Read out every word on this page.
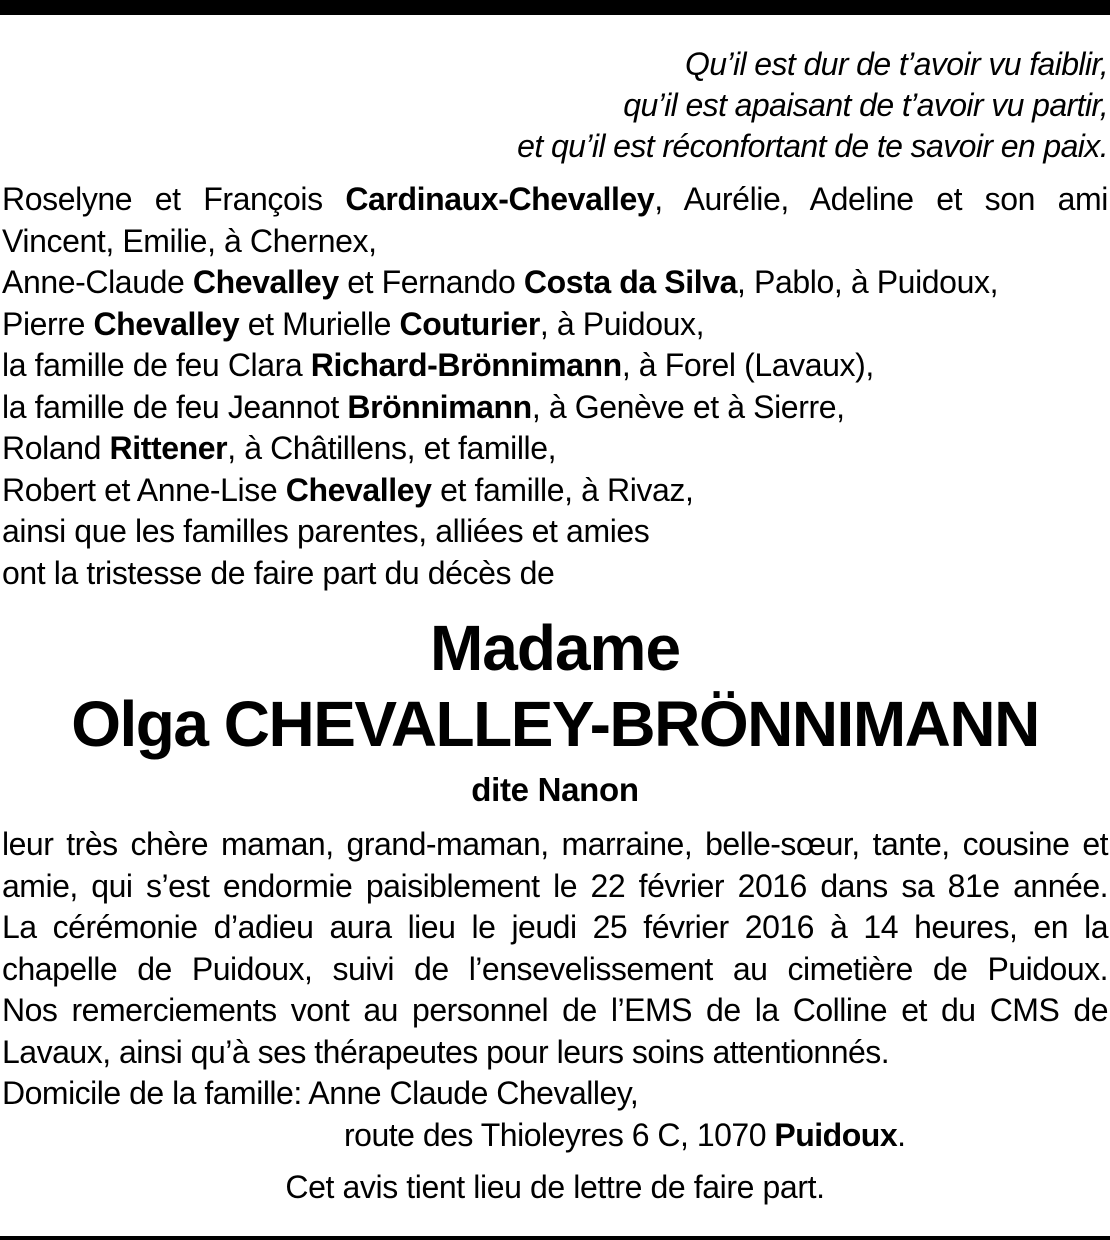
Qu’il est dur de t’avoir vu faiblir,
qu’il est apaisant de t’avoir vu partir,
et qu’il est réconfortant de te savoir en paix.
Roselyne et François Cardinaux-Chevalley, Aurélie, Adeline et son ami
Vincent, Emilie, à Chernex,
Anne-Claude Chevalley et Fernando Costa da Silva, Pablo, à Puidoux,
Pierre Chevalley et Murielle Couturier, à Puidoux,
la famille de feu Clara Richard-Brönnimann, à Forel (Lavaux),
la famille de feu Jeannot Brönnimann, à Genève et à Sierre,
Roland Rittener, à Châtillens, et famille,
Robert et Anne-Lise Chevalley et famille, à Rivaz,
ainsi que les familles parentes, alliées et amies
ont la tristesse de faire part du décès de
Madame
Olga CHEVALLEY-BRÖNNIMANN
dite Nanon
leur très chère maman, grand-maman, marraine, belle-sœur, tante, cousine et
amie, qui s’est endormie paisiblement le 22 février 2016 dans sa 81e année.
La cérémonie d’adieu aura lieu le jeudi 25 février 2016 à 14 heures, en la
chapelle de Puidoux, suivi de l’ensevelissement au cimetière de Puidoux.
Nos remerciements vont au personnel de l’EMS de la Colline et du CMS de
Lavaux, ainsi qu’à ses thérapeutes pour leurs soins attentionnés.
Domicile de la famille: Anne Claude Chevalley,
route des Thioleyres 6 C, 1070 Puidoux.
Cet avis tient lieu de lettre de faire part.
